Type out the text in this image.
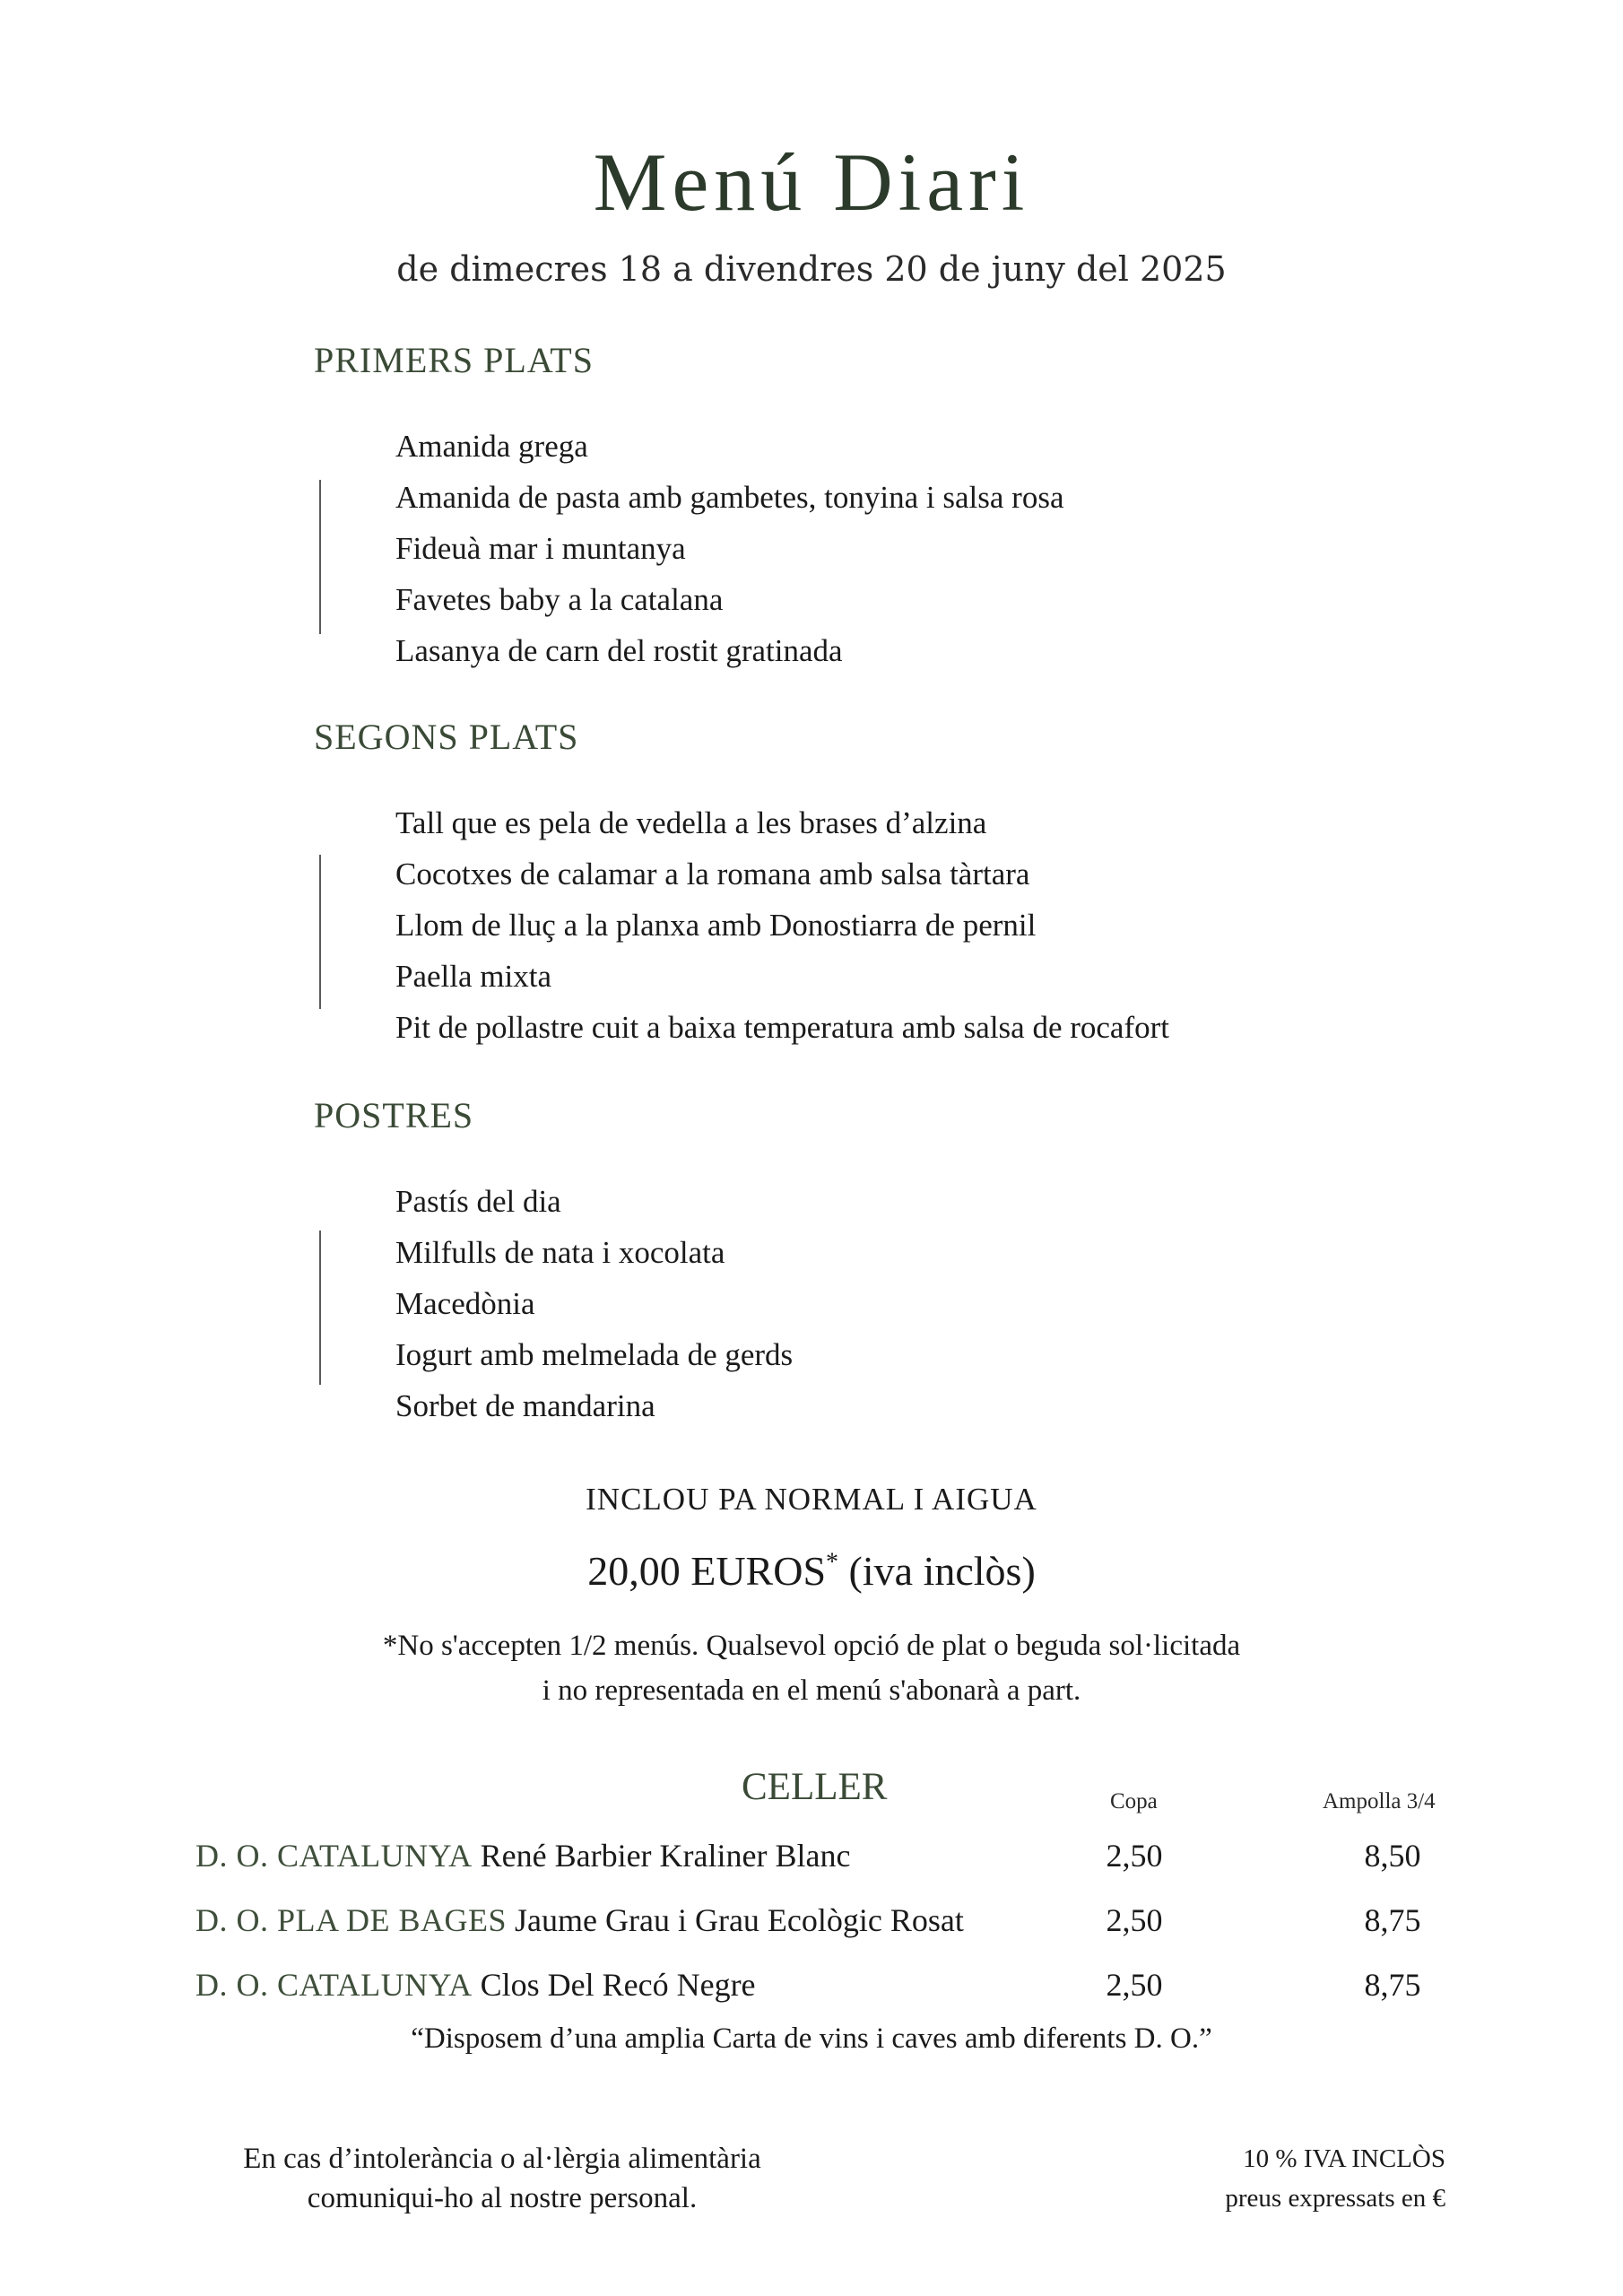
Menú Diari
de dimecres 18 a divendres 20 de juny del 2025
PRIMERS PLATS
Amanida grega
Amanida de pasta amb gambetes, tonyina i salsa rosa
Fideuà mar i muntanya
Favetes baby a la catalana
Lasanya de carn del rostit gratinada
SEGONS PLATS
Tall que es pela de vedella a les brases d’alzina
Cocotxes de calamar a la romana amb salsa tàrtara
Llom de lluç a la planxa amb Donostiarra de pernil
Paella mixta
Pit de pollastre cuit a baixa temperatura amb salsa de rocafort
POSTRES
Pastís del dia
Milfulls de nata i xocolata
Macedònia
Iogurt amb melmelada de gerds
Sorbet de mandarina
INCLOU PA NORMAL I AIGUA
20,00 EUROS* (iva inclòs)
*No s'accepten 1/2 menús. Qualsevol opció de plat o beguda sol·licitada
i no representada en el menú s'abonarà a part.
CELLER	Copa	Ampolla 3/4
D. O. CATALUNYA René Barbier Kraliner Blanc	2,50	8,50
D. O. PLA DE BAGES Jaume Grau i Grau Ecològic Rosat	2,50	8,75
D. O. CATALUNYA Clos Del Recó Negre	2,50	8,75
“Disposem d’una amplia Carta de vins i caves amb diferents D. O.”
En cas d’intolerància o al·lèrgia alimentària
comuniqui-ho al nostre personal.
10 % IVA INCLÒS
preus expressats en €
